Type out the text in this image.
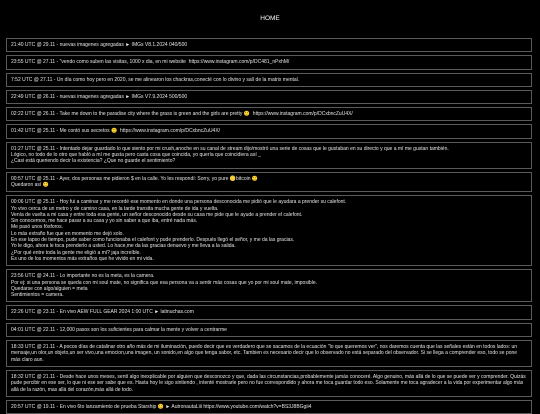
HOME
21:40 UTC @ 29.11 - nuevas imagenes agregadas ► IMGs V8.1.2024 040/500
23:55 UTC @ 27.11 - "vendo como suben las visitas, 1000 x dia, en mi website  https://www.instagram.com/p/DC481_nPxhM/
7:52 UTC @ 27.11 - Un día como hoy pero en 2020, se me alinearon los chackras,conecté con lo divino y salí de la matrix mental.
22:49 UTC @ 26.11 - nuevas imagenes agregadas ► IMGs V7.9.2024 500/500
02:22 UTC @ 26.11 - Take me down to the paradise city where the grass is green and the girls are pretty 🙂  https://www.instagram.com/p/DCxbncZuU4X/
01:42 UTC @ 25.11 - Me contó sus secretos 🙂  https://www.instagram.com/p/DCxbncZuU4X/
01:27 UTC @ 25.11 - Intentado dejar guardado lo que siento por mi crush,anoche en su canal de stream dijo/mostró una serie de cosas que le gustaban en su directo y que a mí me gustan también.
Lógico, no todo de lo otro que habló a mí me gusta pero casta cosa que coincida, yo quería que coincidiera así _
¿Casi está queriendo decir la existencia? ¿Que no guarde el sentimiento?
00:57 UTC @ 25.11 - Ayer, dos personas me pidieron $ en la calle. Yo les respondí: Sorry, yo pure 🪙bitcoin 🙂
Quedaron así 🙂
00:06 UTC @ 25.11 - Hoy fui a caminar y me recordé ese momento en donde una persona desconocida me pidió que le ayudara a prender su calefont.
Yo vivo cerca de un metro y de camino casa, en la tarde transita mucha gente de ida y vuelta.
Venía de vuelta a mi casa y entre toda esa gente, un señor desconocido desde su casa me pide que le ayude a prender el calefont.
Sin conocernos, me hace pasar a su casa y yo sin saber a que iba, entré nada más.
Me pasó unos fósforos.
Lo más extraño fue que en momento me dejó solo.
En ese lapso de tiempo, pude saber como funcionaba el calefont y pude prenderlo. Después llegó el señor, y me da las gracias.
Yo le digo, ahora le toca prenderlo a usted. Lo hace,me da las gracias denuevo y me lleva a la salida.
¿Por qué entre toda la gente me eligió a mí? jaja increíble.
Es uno de los momentos más extraños que he vivido en mi vida.
23:56 UTC @ 24.11 - Lo importante no es la meta, es la camera.
Por ej: si una persona se queda con mi soul mate, no significa que esa persona va a sentir más cosas que yo por mi soul mate, imposible.
Quedarse con algo/alguien = meta
Sentimientos = camera.
22:26 UTC @ 23.11 - En vivo AEW FULL GEAR 2024 1:00 UTC ► latinuchas.com
04:01 UTC @ 22.11 - 12,000 pasos son los suficientes para calmar la mente y volver a centrarme
18:33 UTC @ 21.11 - A pocos días de catalinar otro año más de mi iluminación, puedo decir que es verdadero que se sacamos de la ecuación "lo que queremos ver", nos daremos cuenta que las señales están en todos lados: un mensaje,un olor,un objeto,un ser vivo,una emocion,una imagen, un sonido,en algo que tenga sabor, etc. Tambien es necesario decir que lo observado no está separado del observador. Si se llega a comprender eso, todo se pone más claro aun.
18:32 UTC @ 21.11 - Desde hace unos meses, sentí algo inexplicable por alguien que desconozco y que, dada las circunstancias,probablemente jamás conoceré. Algo genuino, más allá de lo que se puede ver y comprender. Quizás pude percibir en ese ser, lo que ni ese ser sabe que es. Hasta hoy le sigo sintiendo , intenté mostrarle pero no fue correspondido y ahora me toca guardar todo eso. Solamente me toca agradecer a la vida por experimentar algo más allá de la razón, mas allá del corazón,más allá de todo.
20:57 UTC @ 19.11 - En vivo 6to lanzamiento de prueba Starship 🙂 ► AutronautaLiii https://www.youtube.com/watch?v=BS3J8BGgii4
